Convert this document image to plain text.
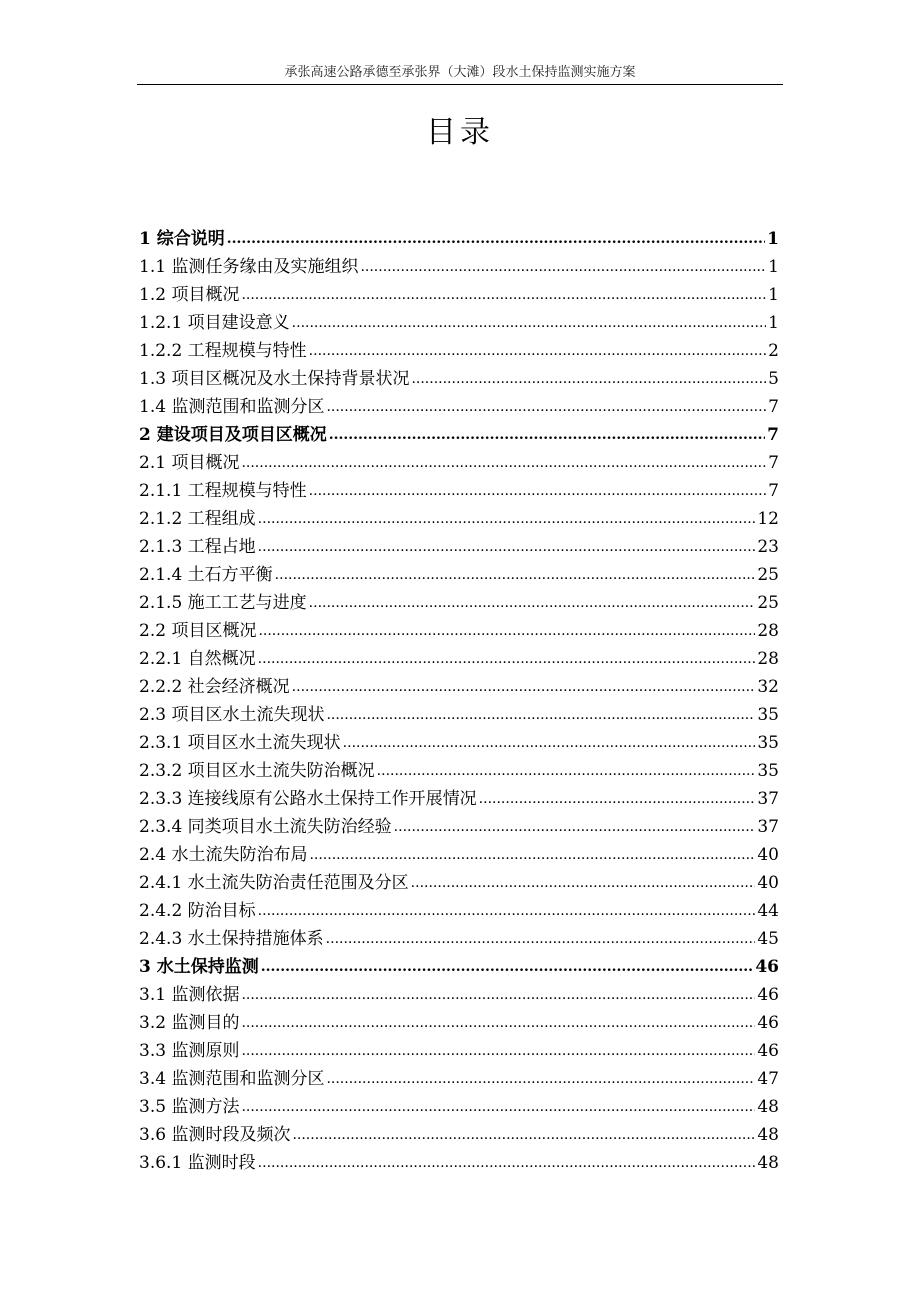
承张高速公路承德至承张界（大滩）段水土保持监测实施方案
目录
1 综合说明 .....	1
1.1 监测任务缘由及实施组织 .....	1
1.2 项目概况 .....	1
1.2.1 项目建设意义 .....	1
1.2.2 工程规模与特性 .....	2
1.3 项目区概况及水土保持背景状况 .....	5
1.4 监测范围和监测分区 .....	7
2 建设项目及项目区概况 .....	7
2.1 项目概况 .....	7
2.1.1 工程规模与特性 .....	7
2.1.2 工程组成 .....	12
2.1.3 工程占地 .....	23
2.1.4 土石方平衡 .....	25
2.1.5 施工工艺与进度 .....	25
2.2 项目区概况 .....	28
2.2.1 自然概况 .....	28
2.2.2 社会经济概况 .....	32
2.3 项目区水土流失现状 .....	35
2.3.1 项目区水土流失现状 .....	35
2.3.2 项目区水土流失防治概况 .....	35
2.3.3 连接线原有公路水土保持工作开展情况 .....	37
2.3.4 同类项目水土流失防治经验 .....	37
2.4 水土流失防治布局 .....	40
2.4.1 水土流失防治责任范围及分区 .....	40
2.4.2 防治目标 .....	44
2.4.3 水土保持措施体系 .....	45
3 水土保持监测 .....	46
3.1 监测依据 .....	46
3.2 监测目的 .....	46
3.3 监测原则 .....	46
3.4 监测范围和监测分区 .....	47
3.5 监测方法 .....	48
3.6 监测时段及频次 .....	48
3.6.1 监测时段 .....	48
